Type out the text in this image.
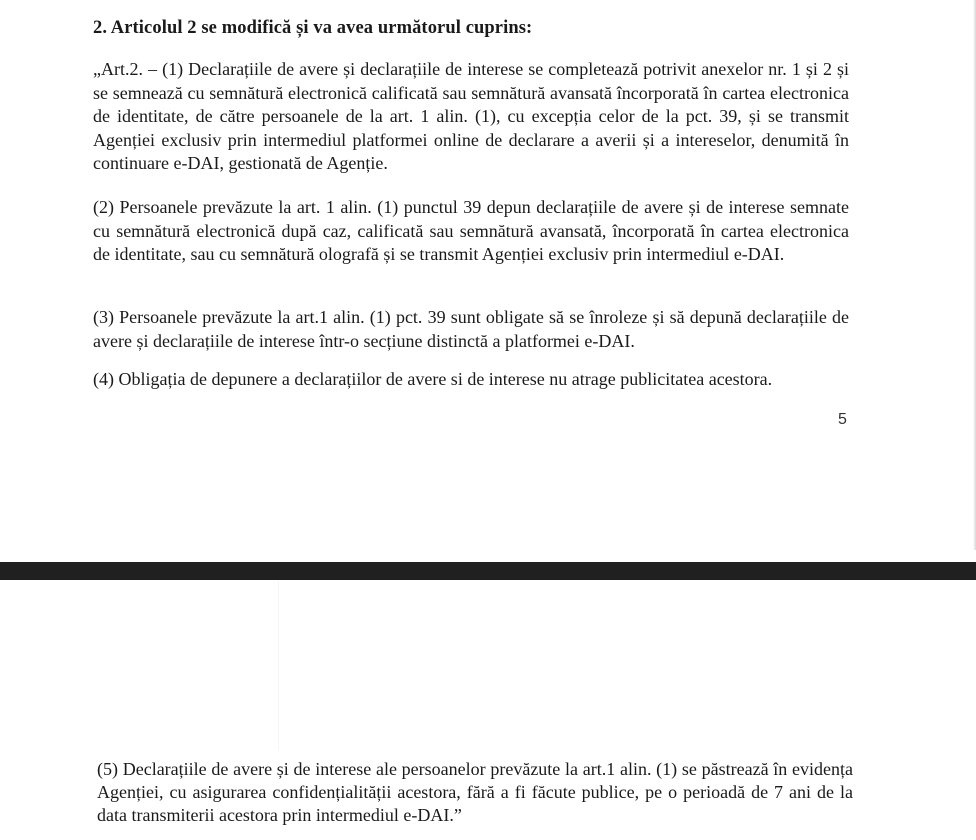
2. Articolul 2 se modifică și va avea următorul cuprins:

„Art.2. – (1) Declarațiile de avere și declarațiile de interese se completează potrivit anexelor nr. 1 și 2 și se semnează cu semnătură electronică calificată sau semnătură avansată încorporată în cartea electronica de identitate, de către persoanele de la art. 1 alin. (1), cu excepția celor de la pct. 39, și se transmit Agenției exclusiv prin intermediul platformei online de declarare a averii și a intereselor, denumită în continuare e-DAI, gestionată de Agenție.

(2) Persoanele prevăzute la art. 1 alin. (1) punctul 39 depun declarațiile de avere și de interese semnate cu semnătură electronică după caz, calificată sau semnătură avansată, încorporată în cartea electronica de identitate, sau cu semnătură olografă și se transmit Agenției exclusiv prin intermediul e-DAI.

(3) Persoanele prevăzute la art.1 alin. (1) pct. 39 sunt obligate să se înroleze și să depună declarațiile de avere și declarațiile de interese într-o secțiune distinctă a platformei e-DAI.

(4) Obligația de depunere a declarațiilor de avere si de interese nu atrage publicitatea acestora.

5

(5) Declarațiile de avere și de interese ale persoanelor prevăzute la art.1 alin. (1) se păstrează în evidența Agenției, cu asigurarea confidențialității acestora, fără a fi făcute publice, pe o perioadă de 7 ani de la data transmiterii acestora prin intermediul e-DAI.”
